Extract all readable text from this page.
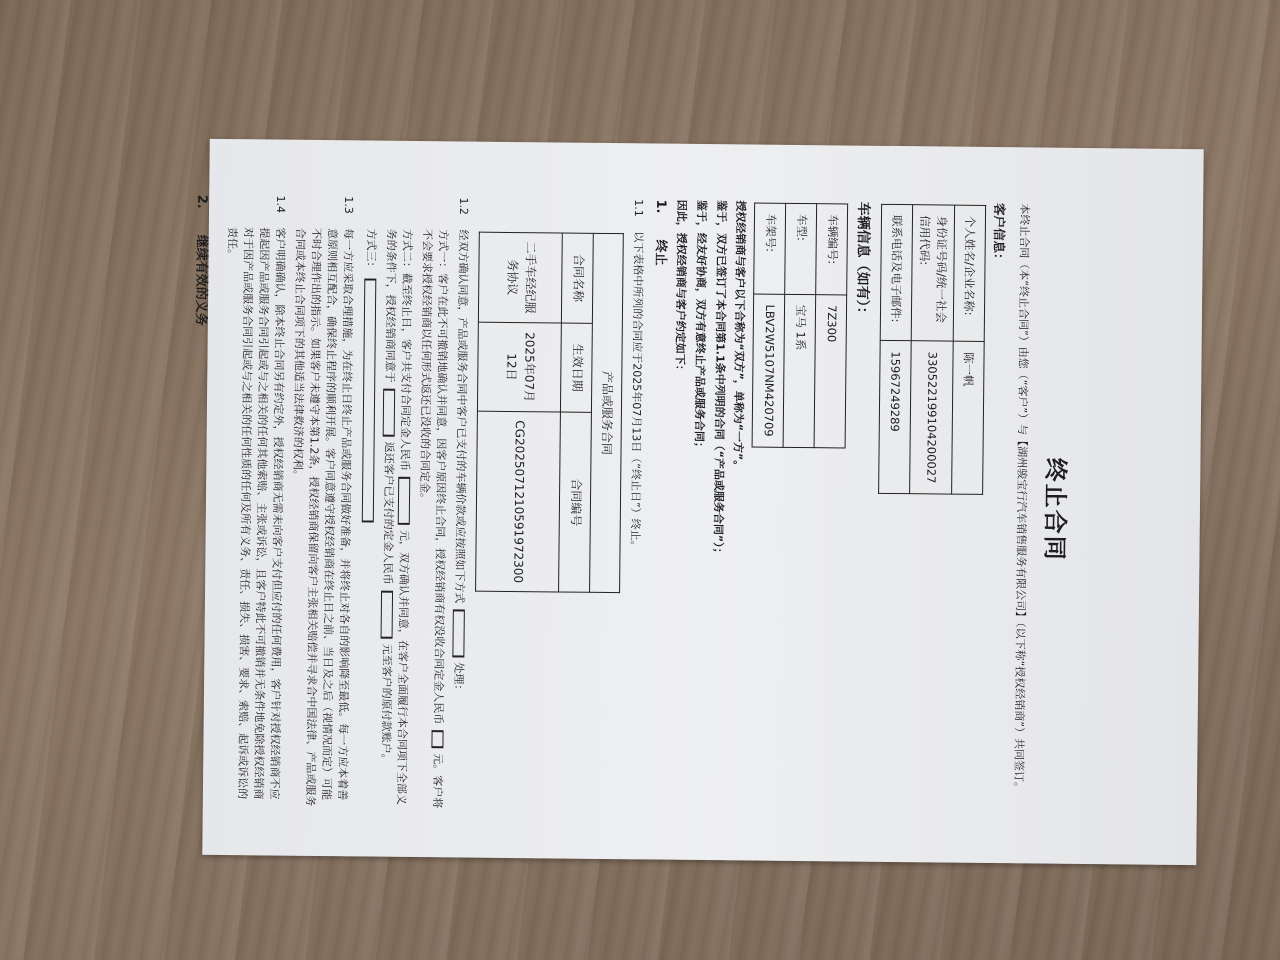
终止合同

本终止合同（本“终止合同”）由您（“客户”）与【湖州骏宝行汽车销售服务有限公司】（以下称“授权经销商”）共同签订。

客户信息：
个人姓名/企业名称:	陈一帆
身份证号码/统一社会信用代码:	330522199104200027
联系电话及电子邮件:	15967249289
车辆信息（如有）：
车辆编号:	7Z300
车型:	宝马 1系
车架号:	LBV2W5107NM420709

授权经销商与客户以下合称为“双方”，单称为“一方”。

鉴于，双方已签订了本合同第1.1条中列明的合同（“产品或服务合同”）；

鉴于，经友好协商，双方有意终止产品或服务合同；

因此，授权经销商与客户约定如下：

1.
终止
1.1
以下表格中所列的合同应于2025年07月13日（“终止日”）终止。
产品或服务合同		
合同名称	生效日期	合同编号
二手车经纪服务协议	2025年07月12日	CG2025071210591972300
1.2

经双方确认同意，产品或服务合同中客户已支付的车辆价款或应按照如下方式  处理：

方式一：客户在此不可撤销地确认并同意，因客户原因终止合同，授权经销商有权没收合同定金人民币  元。客户将不会要求授权经销商以任何形式返还已没收的合同定金。

方式二：截至终止日，客户共支付合同定金人民币  元，双方确认并同意，在客户全面履行本合同项下全部义务的条件下，授权经销商同意于  返还客户已支付的定金人民币  元至客户的原付款账户。

方式三：

1.3
每一方应采取合理措施，为在终止日终止产品或服务合同做好准备，并将终止对各自的影响降至最低。每一方应本着善意原则相互配合，确保终止程序的顺利开展。客户同意遵守授权经销商在终止日之前、当日及之后（视情况而定）可能不时合理作出的指示。如果客户未遵守本第1.2条，授权经销商保留向客户主张相关赔偿并寻求合中国法律、产品或服务合同或本终止合同项下的其他适当法律救济的权利。
1.4
客户明确确认，除本终止合同另有约定外，授权经销商无需未向客户支付但应付的任何费用，客户针对授权经销商不应提起因产品或服务合同引起或与之相关的任何其他索赔、主张或诉讼，且客户特此不可撤销并无条件地免除授权经销商对于因产品或服务合同引起或与之相关的任何性质的任何及所有义务、责任、损失、损害、要求、索赔、起诉或诉讼的责任。
2.
继续有效的义务
